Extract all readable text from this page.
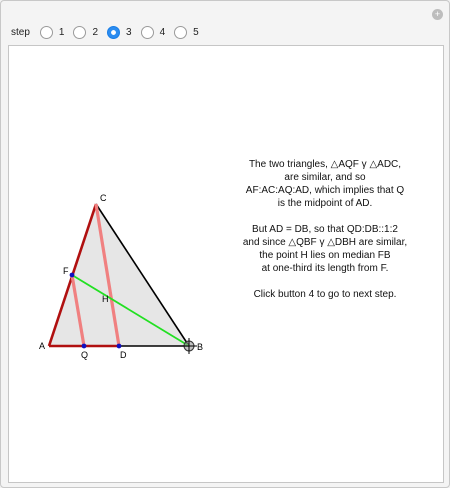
+
step	1	2	3	4	5
A	B
C
D
F
H
Q

The two triangles, △AQF γ △ADC,
are similar, and so
AF:AC:AQ:AD, which implies that Q
is the midpoint of AD.

But AD = DB, so that QD:DB::1:2
and since △QBF γ △DBH are similar,
the point H lies on median FB
at one-third its length from F.

Click button 4 to go to next step.
